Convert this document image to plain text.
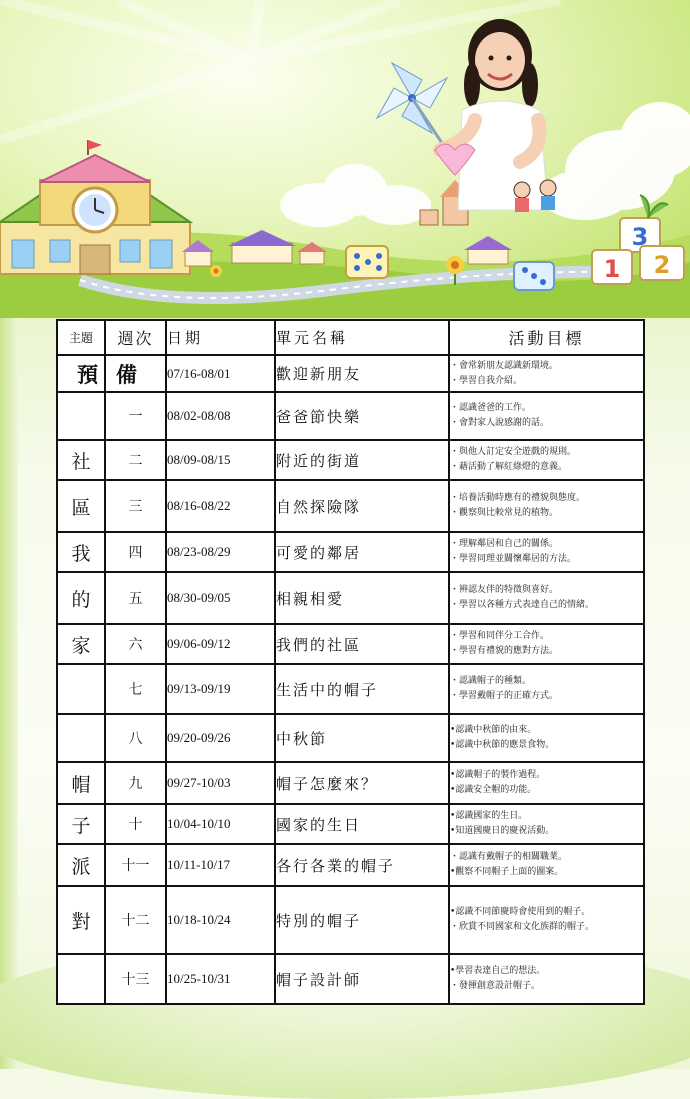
3
1 2
主題	週次	日期	單元名稱	活動目標
預	備	07/16-08/01	歡迎新朋友	・會常新朋友認識新環境。
・學習自我介紹。

	一	08/02-08/08	爸爸節快樂	・認識爸爸的工作。
・會對家人說感謝的話。

社	二	08/09-08/15	附近的街道	・與他人訂定安全遊戲的規則。
・藉活動了解紅綠燈的意義。

區	三	08/16-08/22	自然探險隊	・培養活動時應有的禮貌與態度。
・觀察與比較常見的植物。

我	四	08/23-08/29	可愛的鄰居	・理解鄰居和自己的關係。
・學習同理並關懷鄰居的方法。

的	五	08/30-09/05	相親相愛	・辨認友伴的特徵與喜好。
・學習以各種方式表達自己的情緒。

家	六	09/06-09/12	我們的社區	・學習和同伴分工合作。
・學習有禮貌的應對方法。

	七	09/13-09/19	生活中的帽子	・認識帽子的種類。
・學習戴帽子的正確方式。

	八	09/20-09/26	中秋節	•認識中秋節的由來。
•認識中秋節的應景食物。

帽	九	09/27-10/03	帽子怎麼來？	•認識帽子的製作過程。
•認識安全帽的功能。

子	十	10/04-10/10	國家的生日	•認識國家的生日。
•知道國慶日的慶祝活動。

派	十一	10/11-10/17	各行各業的帽子	・認識有戴帽子的相關職業。
•觀察不同帽子上面的圖案。

對	十二	10/18-10/24	特別的帽子	•認識不同節慶時會使用到的帽子。
・欣賞不同國家和文化族群的帽子。

	十三	10/25-10/31	帽子設計師	•學習表達自己的想法。
・發揮創意設計帽子。
